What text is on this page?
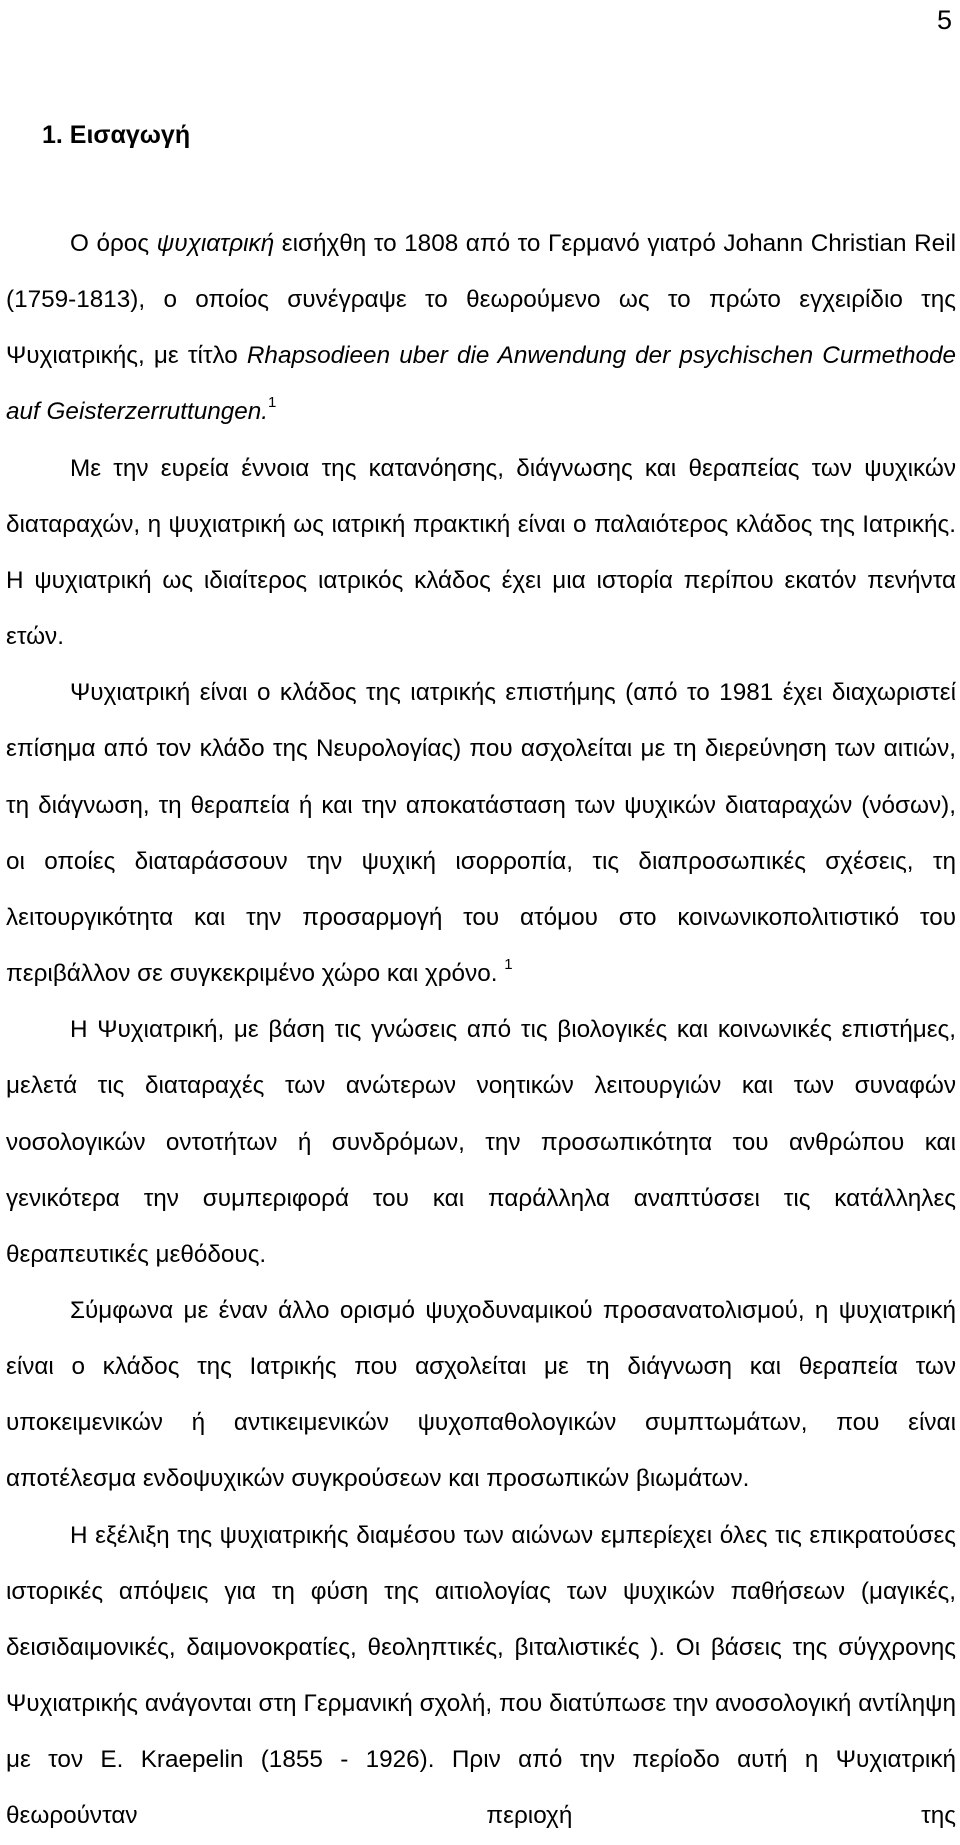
5
1. Εισαγωγή

Ο όρος ψυχιατρική εισήχθη το 1808 από το Γερμανό γιατρό Johann Christian Reil (1759-1813), ο οποίος συνέγραψε το θεωρούμενο ως το πρώτο εγχειρίδιο της Ψυχιατρικής, με τίτλο Rhapsodieen uber die Anwendung der psychischen Curmethode auf Geisterzerruttungen.$^1$

Με την ευρεία έννοια της κατανόησης, διάγνωσης και θεραπείας των ψυχικών διαταραχών, η ψυχιατρική ως ιατρική πρακτική είναι ο παλαιότερος κλάδος της Ιατρικής. Η ψυχιατρική ως ιδιαίτερος ιατρικός κλάδος έχει μια ιστορία περίπου εκατόν πενήντα ετών.

Ψυχιατρική είναι ο κλάδος της ιατρικής επιστήμης (από το 1981 έχει διαχωριστεί επίσημα από τον κλάδο της Νευρολογίας) που ασχολείται με τη διερεύνηση των αιτιών, τη διάγνωση, τη θεραπεία ή και την αποκατάσταση των ψυχικών διαταραχών (νόσων), οι οποίες διαταράσσουν την ψυχική ισορροπία, τις διαπροσωπικές σχέσεις, τη λειτουργικότητα και την προσαρμογή του ατόμου στο κοινωνικοπολιτιστικό του περιβάλλον σε συγκεκριμένο χώρο και χρόνο. $^1$

Η Ψυχιατρική, με βάση τις γνώσεις από τις βιολογικές και κοινωνικές επιστήμες, μελετά τις διαταραχές των ανώτερων νοητικών λειτουργιών και των συναφών νοσολογικών οντοτήτων ή συνδρόμων, την προσωπικότητα του ανθρώπου και γενικότερα την συμπεριφορά του και παράλληλα αναπτύσσει τις κατάλληλες θεραπευτικές μεθόδους.

Σύμφωνα με έναν άλλο ορισμό ψυχοδυναμικού προσανατολισμού, η ψυχιατρική είναι ο κλάδος της Ιατρικής που ασχολείται με τη διάγνωση και θεραπεία των υποκειμενικών ή αντικειμενικών ψυχοπαθολογικών συμπτωμάτων, που είναι αποτέλεσμα ενδοψυχικών συγκρούσεων και προσωπικών βιωμάτων.

Η εξέλιξη της ψυχιατρικής διαμέσου των αιώνων εμπερίεχει όλες τις επικρατούσες ιστορικές απόψεις για τη φύση της αιτιολογίας των ψυχικών παθήσεων (μαγικές, δεισιδαιμονικές, δαιμονοκρατίες, θεοληπτικές, βιταλιστικές ). Οι βάσεις της σύγχρονης Ψυχιατρικής ανάγονται στη Γερμανική σχολή, που διατύπωσε την ανοσολογική αντίληψη με τον E. Kraepelin (1855 - 1926). Πριν από την περίοδο αυτή η Ψυχιατρική θεωρούνταν περιοχή της
